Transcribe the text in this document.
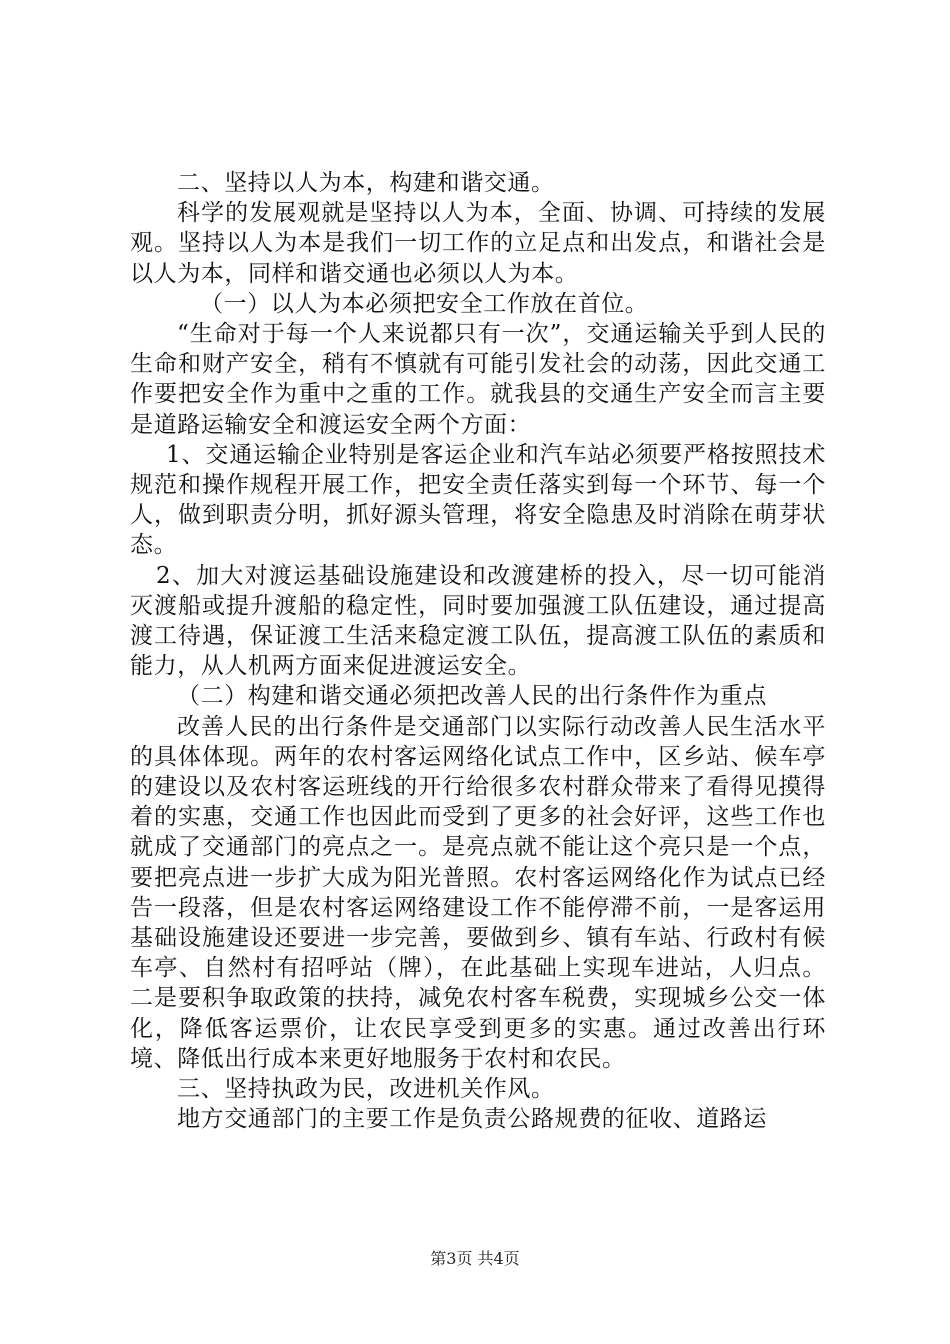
二、坚持以人为本，构建和谐交通。

科学的发展观就是坚持以人为本，全面、协调、可持续的发展观。坚持以人为本是我们一切工作的立足点和出发点，和谐社会是以人为本，同样和谐交通也必须以人为本。

（一）以人为本必须把安全工作放在首位。

“生命对于每一个人来说都只有一次”，交通运输关乎到人民的生命和财产安全，稍有不慎就有可能引发社会的动荡，因此交通工作要把安全作为重中之重的工作。就我县的交通生产安全而言主要是道路运输安全和渡运安全两个方面：

1、交通运输企业特别是客运企业和汽车站必须要严格按照技术规范和操作规程开展工作，把安全责任落实到每一个环节、每一个人，做到职责分明，抓好源头管理，将安全隐患及时消除在萌芽状态。

2、加大对渡运基础设施建设和改渡建桥的投入，尽一切可能消灭渡船或提升渡船的稳定性，同时要加强渡工队伍建设，通过提高渡工待遇，保证渡工生活来稳定渡工队伍，提高渡工队伍的素质和能力，从人机两方面来促进渡运安全。

（二）构建和谐交通必须把改善人民的出行条件作为重点

改善人民的出行条件是交通部门以实际行动改善人民生活水平的具体体现。两年的农村客运网络化试点工作中，区乡站、候车亭的建设以及农村客运班线的开行给很多农村群众带来了看得见摸得着的实惠，交通工作也因此而受到了更多的社会好评，这些工作也就成了交通部门的亮点之一。是亮点就不能让这个亮只是一个点，要把亮点进一步扩大成为阳光普照。农村客运网络化作为试点已经告一段落，但是农村客运网络建设工作不能停滞不前，一是客运用基础设施建设还要进一步完善，要做到乡、镇有车站、行政村有候车亭、自然村有招呼站（牌），在此基础上实现车进站，人归点。二是要积争取政策的扶持，减免农村客车税费，实现城乡公交一体化，降低客运票价，让农民享受到更多的实惠。通过改善出行环境、降低出行成本来更好地服务于农村和农民。

三、坚持执政为民，改进机关作风。

地方交通部门的主要工作是负责公路规费的征收、道路运

第3页 共4页
